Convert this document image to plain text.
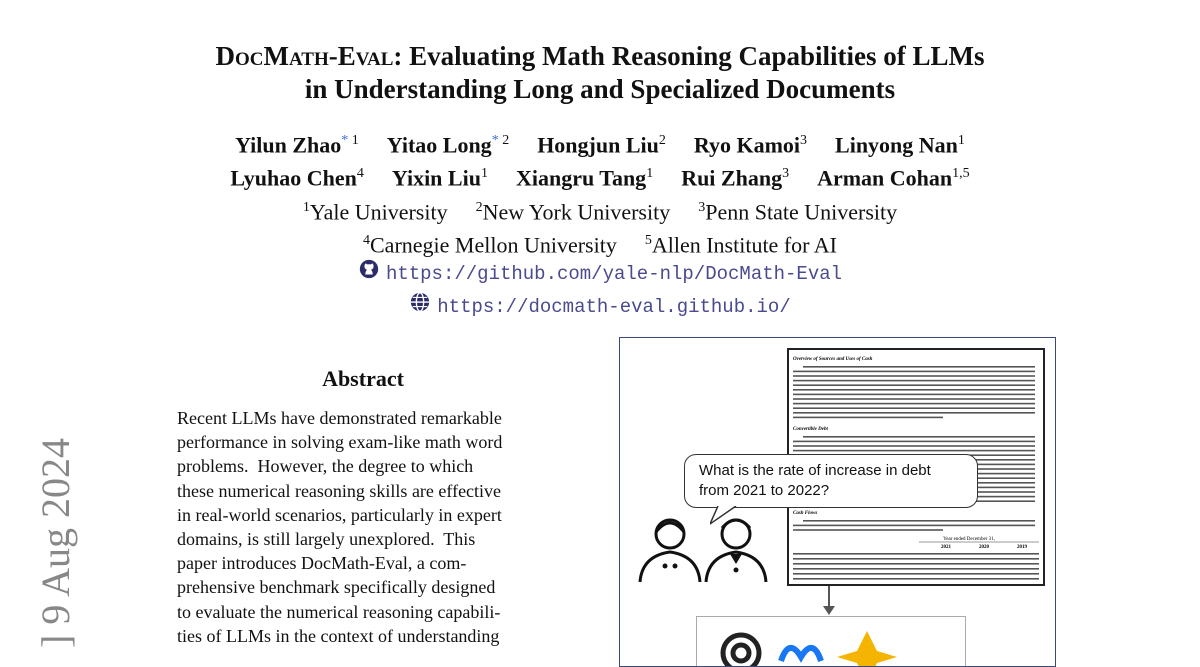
DocMath-Eval: Evaluating Math Reasoning Capabilities of LLMs
in Understanding Long and Specialized Documents
Yilun Zhao$^{* 1}$ Yitao Long$^{* 2}$ Hongjun Liu$^2$ Ryo Kamoi$^3$ Linyong Nan$^1$
Lyuhao Chen$^4$ Yixin Liu$^1$ Xiangru Tang$^1$ Rui Zhang$^3$ Arman Cohan$^{1,5}$
$^1$Yale University $^2$New York University $^3$Penn State University
$^4$Carnegie Mellon University $^5$Allen Institute for AI
https://github.com/yale-nlp/DocMath-Eval
https://docmath-eval.github.io/
] 9 Aug 2024
Abstract
Recent LLMs have demonstrated remarkable
performance in solving exam-like math word
problems.  However, the degree to which
these numerical reasoning skills are effective
in real-world scenarios, particularly in expert
domains, is still largely unexplored.  This
paper introduces DocMath-Eval, a com-
prehensive benchmark specifically designed
to evaluate the numerical reasoning capabili-
ties of LLMs in the context of understanding
Overview of Sources and Uses of Cash
Convertible Debt
Cash Flows
Year ended December 31,
2021	2020	2019
What is the rate of increase in debt from 2021 to 2022?
